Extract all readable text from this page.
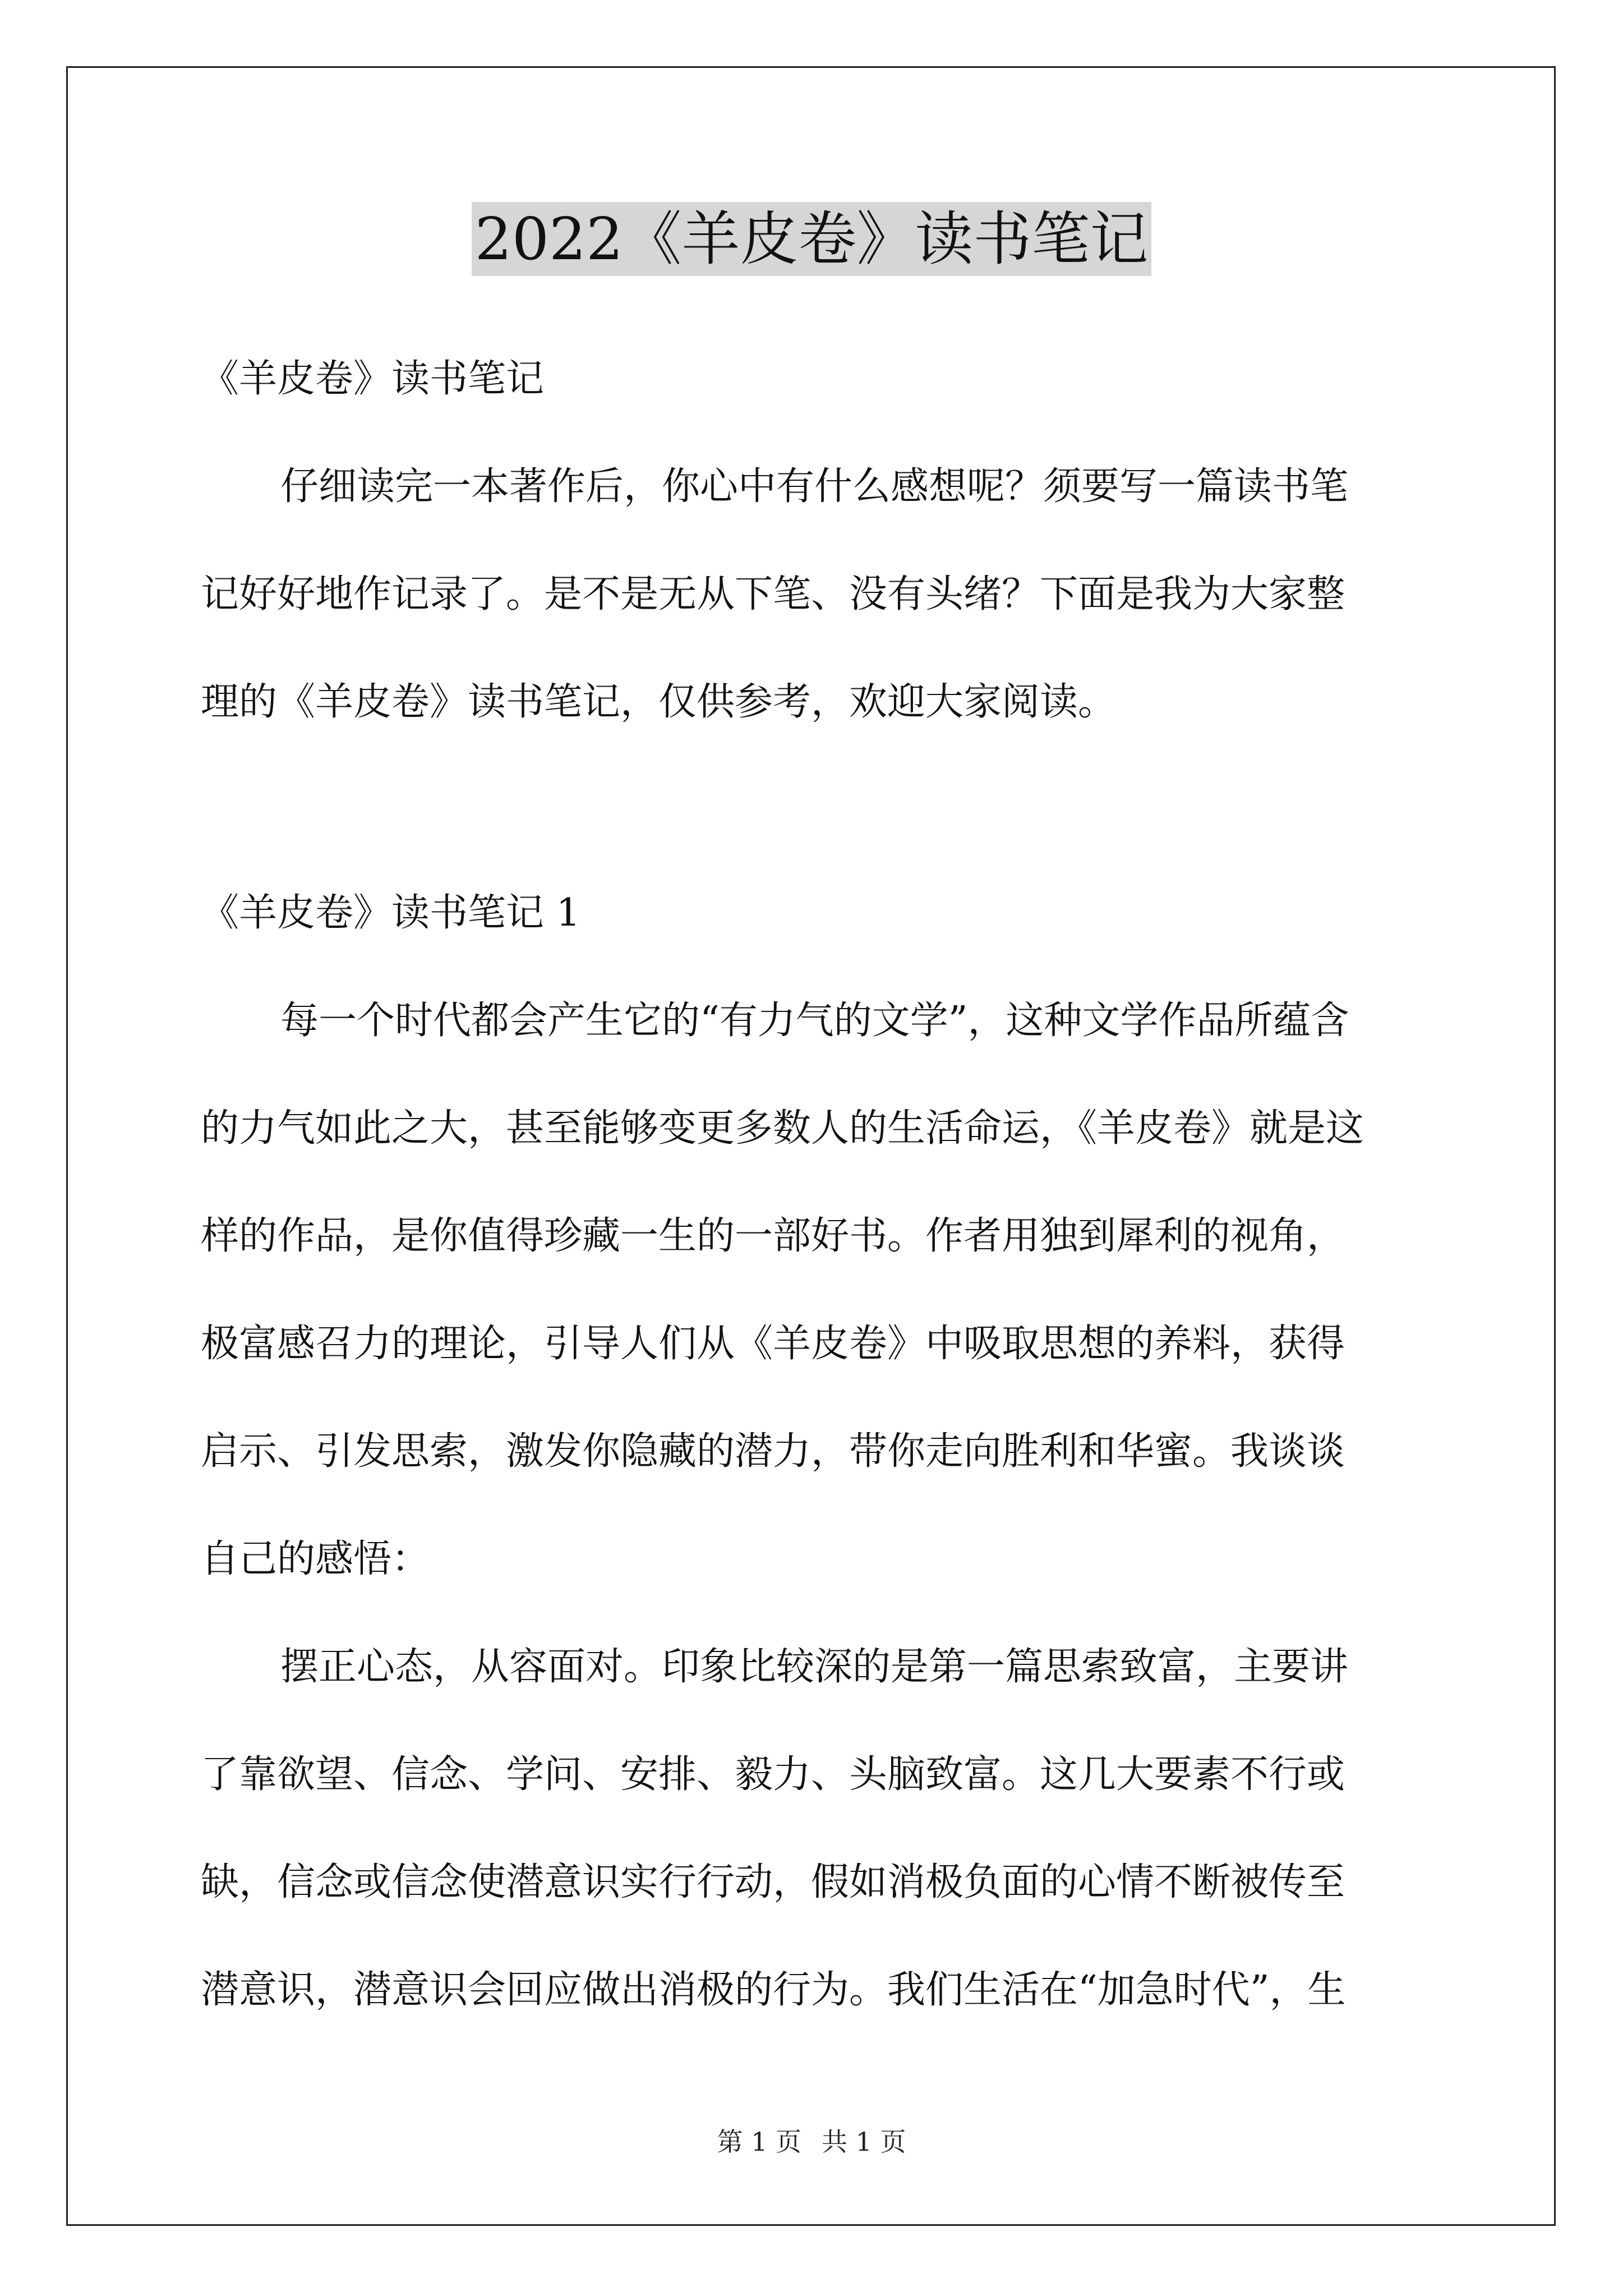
2022《羊皮卷》读书笔记
《羊皮卷》读书笔记
仔细读完一本著作后，你心中有什么感想呢？须要写一篇读书笔
记好好地作记录了。是不是无从下笔、没有头绪？下面是我为大家整
理的《羊皮卷》读书笔记，仅供参考，欢迎大家阅读。
《羊皮卷》读书笔记 1
每一个时代都会产生它的“有力气的文学”，这种文学作品所蕴含
的力气如此之大，甚至能够变更多数人的生活命运，《羊皮卷》就是这
样的作品，是你值得珍藏一生的一部好书。作者用独到犀利的视角，
极富感召力的理论，引导人们从《羊皮卷》中吸取思想的养料，获得
启示、引发思索，激发你隐藏的潜力，带你走向胜利和华蜜。我谈谈
自己的感悟：
摆正心态，从容面对。印象比较深的是第一篇思索致富，主要讲
了靠欲望、信念、学问、安排、毅力、头脑致富。这几大要素不行或
缺，信念或信念使潜意识实行行动，假如消极负面的心情不断被传至
潜意识，潜意识会回应做出消极的行为。我们生活在“加急时代”，生
第 1 页 共 1 页
